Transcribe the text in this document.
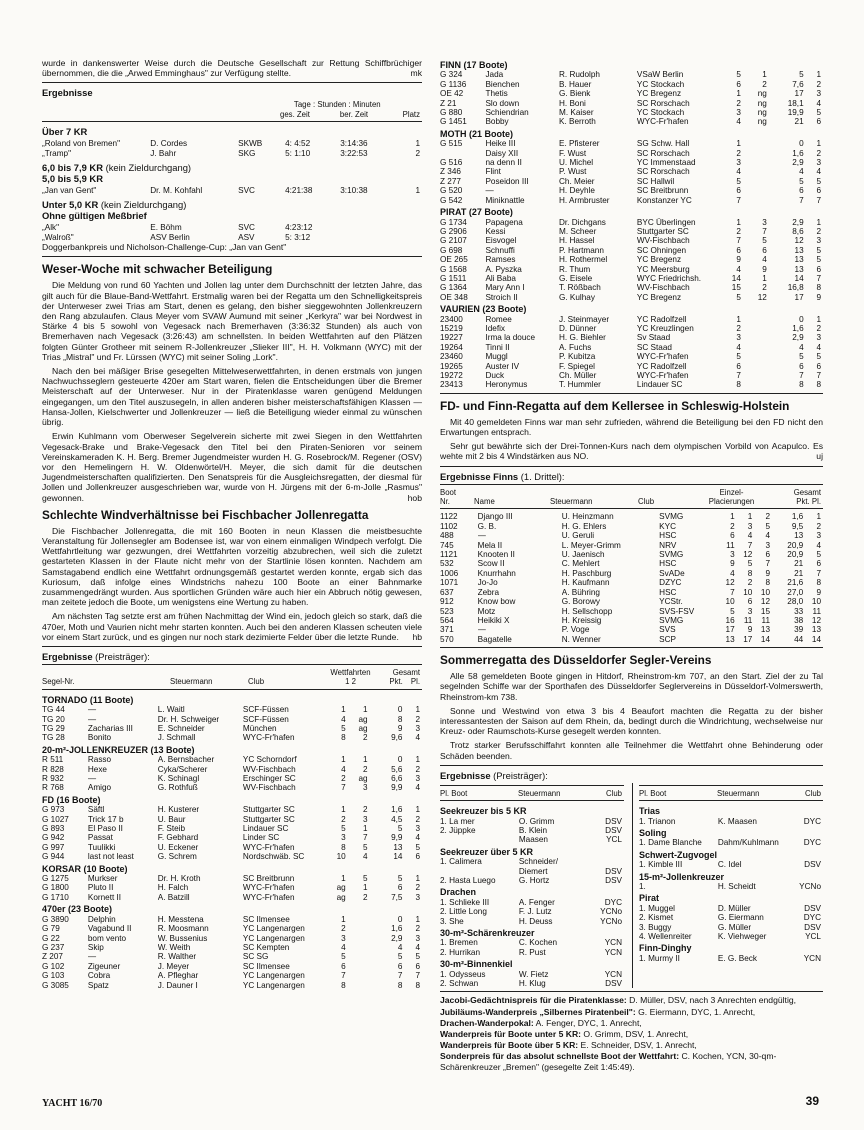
wurde in dankenswerter Weise durch die Deutsche Gesellschaft zur Rettung Schiffbrüchiger übernommen, die die „Arwed Emminghaus" zur Verfügung stellte.	mk

Ergebnisse
			Tage : Stunden : Minuten		
			ges. Zeit	ber. Zeit	Platz
Über 7 KR
„Roland von Bremen"	D. Cordes	SKWB	4: 4:52	3:14:36	1
„Tramp"	J. Bahr	SKG	5: 1:10	3:22:53	2
6,0 bis 7,9 KR (kein Zieldurchgang)
5,0 bis 5,9 KR
„Jan van Gent"	Dr. M. Kohfahl	SVC	4:21:38	3:10:38	1
Unter 5,0 KR (kein Zieldurchgang)
Ohne gültigen Meßbrief
„Alk"	E. Böhm	SVC	4:23:12		
„Walroß"	ASV Berlin	ASV	5: 3:12		

Doggerbankpreis und Nicholson-Challenge-Cup: „Jan van Gent"

Weser-Woche mit schwacher Beteiligung

Die Meldung von rund 60 Yachten und Jollen lag unter dem Durchschnitt der letzten Jahre, das gilt auch für die Blaue-Band-Wettfahrt. Erstmalig waren bei der Regatta um den Schnelligkeitspreis der Unterweser zwei Trias am Start, denen es gelang, den bisher sieggewohnten Jollenkreuzern den Rang abzulaufen. Claus Meyer vom SVAW Aumund mit seiner „Kerkyra" war bei Nordwest in Stärke 4 bis 5 sowohl von Vegesack nach Bremerhaven (3:36:32 Stunden) als auch von Bremerhaven nach Vegesack (3:26:43) am schnellsten. In beiden Wettfahrten auf den Plätzen folgten Günter Grotheer mit seinem R-Jollenkreuzer „Slieker III", H. H. Volkmann (WYC) mit der Trias „Mistral" und Fr. Lürssen (WYC) mit seiner Soling „Lork".

Nach den bei mäßiger Brise gesegelten Mittelweserwettfahrten, in denen erstmals von jungen Nachwuchsseglern gesteuerte 420er am Start waren, fielen die Entscheidungen über die Bremer Meisterschaft auf der Unterweser. Nur in der Piratenklasse waren genügend Meldungen eingegangen, um den Titel auszusegeln, in allen anderen bisher meisterschaftsfähigen Klassen — Hansa-Jollen, Kielschwerter und Jollenkreuzer — ließ die Beteiligung wieder einmal zu wünschen übrig.

Erwin Kuhlmann vom Oberweser Segelverein sicherte mit zwei Siegen in den Wettfahrten Vegesack-Brake und Brake-Vegesack den Titel bei den Piraten-Senioren vor seinem Vereinskameraden K. H. Berg. Bremer Jugendmeister wurden H. G. Rosebrock/M. Regener (OSV) vor den Hemelingern H. W. Oldenwörtel/H. Meyer, die sich damit für die deutschen Jugendmeisterschaften qualifizierten. Den Senatspreis für die Ausgleichsregatten, der diesmal für Jollen und Jollenkreuzer ausgeschrieben war, wurde von H. Jürgens mit der 6-m-Jolle „Rasmus" gewonnen.	hob

Schlechte Windverhältnisse bei Fischbacher Jollenregatta

Die Fischbacher Jollenregatta, die mit 160 Booten in neun Klassen die meistbesuchte Veranstaltung für Jollensegler am Bodensee ist, war von einem einmaligen Windpech verfolgt. Die Wettfahrtleitung war gezwungen, drei Wettfahrten vorzeitig abzubrechen, weil sich die zuletzt gestarteten Klassen in der Flaute nicht mehr von der Startlinie lösen konnten. Nachdem am Samstagabend endlich eine Wettfahrt ordnungsgemäß gestartet werden konnte, ergab sich das Kuriosum, daß infolge eines Windstrichs nahezu 100 Boote an einer Bahnmarke zusammengedrängt wurden. Aus sportlichen Gründen wäre auch hier ein Abbruch nötig gewesen, man zeitete jedoch die Boote, um wenigstens eine Wertung zu haben.

Am nächsten Tag setzte erst am frühen Nachmittag der Wind ein, jedoch gleich so stark, daß die 470er, Moth und Vaurien nicht mehr starten konnten. Auch bei den anderen Klassen scheuten viele vor einem Start zurück, und es gingen nur noch stark dezimierte Felder über die letzte Runde.	hb

Ergebnisse (Preisträger):
				Wettfahrten	Gesamt	
Segel-Nr.		Steuermann	Club	1 2	Pkt.	Pl.
TORNADO (11 Boote)							
TG 44	—	L. Waitl	SCF-Füssen	1	1	0	1
TG 20	—	Dr. H. Schweiger	SCF-Füssen	4	ag	8	2
TG 29	Zacharias III	E. Schneider	München	5	ag	9	3
TG 28	Bonito	J. Schmall	WYC-Fr'hafen	8	2	9,6	4
20-m²-JOLLENKREUZER (13 Boote)							
R 511	Rasso	A. Bernsbacher	YC Schorndorf	1	1	0	1
R 828	Hexe	Cyka/Scherer	WV-Fischbach	4	2	5,6	2
R 932	—	K. Schinagl	Erschinger SC	2	ag	6,6	3
R 768	Amigo	G. Rothfuß	WV-Fischbach	7	3	9,9	4
FD (16 Boote)							
G 973	Säftl	H. Kusterer	Stuttgarter SC	1	2	1,6	1
G 1027	Trick 17 b	U. Baur	Stuttgarter SC	2	3	4,5	2
G 893	El Paso II	F. Steib	Lindauer SC	5	1	5	3
G 942	Passat	F. Gebhard	Linder SC	3	7	9,9	4
G 997	Tuulikki	U. Eckener	WYC-Fr'hafen	8	5	13	5
G 944	last not least	G. Schrem	Nordschwäb. SC	10	4	14	6
KORSAR (10 Boote)							
G 1275	Murkser	Dr. H. Kroth	SC Breitbrunn	1	5	5	1
G 1800	Pluto II	H. Falch	WYC-Fr'hafen	ag	1	6	2
G 1710	Kornett II	A. Batzill	WYC-Fr'hafen	ag	2	7,5	3
470er (23 Boote)							
G 3890	Delphin	H. Messtena	SC Ilmensee	1		0	1
G 79	Vagabund II	R. Moosmann	YC Langenargen	2		1,6	2
G 22	bom vento	W. Bussenius	YC Langenargen	3		2,9	3
G 237	Skip	W. Weith	SC Kempten	4		4	4
Z 207	—	R. Walther	SC SG	5		5	5
G 102	Zigeuner	J. Meyer	SC Ilmensee	6		6	6
G 103	Cobra	A. Pfleghar	YC Langenargen	7		7	7
G 3085	Spatz	J. Dauner I	YC Langenargen	8		8	8
FINN (17 Boote)							
G 324	Jada	R. Rudolph	VSaW Berlin	5	1	5	1
G 1136	Bienchen	B. Hauer	YC Stockach	6	2	7,6	2
OE 42	Thetis	G. Bienk	YC Bregenz	1	ng	17	3
Z 21	Slo down	H. Boni	SC Rorschach	2	ng	18,1	4
G 880	Schiendrian	M. Kaiser	YC Stockach	3	ng	19,9	5
G 1451	Bobby	K. Berroth	WYC-Fr'hafen	4	ng	21	6
MOTH (21 Boote)							
G 515	Heike III	E. Pfisterer	SG Schw. Hall	1		0	1
	Daisy XII	F. Wust	SC Rorschach	2		1,6	2
G 516	na denn II	U. Michel	YC Immenstaad	3		2,9	3
Z 346	Flint	P. Wust	SC Rorschach	4		4	4
Z 277	Poseidon III	Ch. Meier	SC Hallwil	5		5	5
G 520	—	H. Deyhle	SC Breitbrunn	6		6	6
G 542	Miniknattle	H. Armbruster	Konstanzer YC	7		7	7
PIRAT (27 Boote)							
G 1734	Papagena	Dr. Dichgans	BYC Überlingen	1	3	2,9	1
G 2906	Kessi	M. Scheer	Stuttgarter SC	2	7	8,6	2
G 2107	Eisvogel	H. Hassel	WV-Fischbach	7	5	12	3
G 698	Schnuffi	P. Hartmann	SC Ohningen	6	6	13	5
OE 265	Ramses	H. Rothermel	YC Bregenz	9	4	13	5
G 1568	A. Pyszka	R. Thum	YC Meersburg	4	9	13	6
G 1511	Ali Baba	G. Eisele	WYC Friedrichsh.	14	1	14	7
G 1364	Mary Ann I	T. Rößbach	WV-Fischbach	15	2	16,8	8
OE 348	Stroich II	G. Kulhay	YC Bregenz	5	12	17	9
VAURIEN (23 Boote)							
23400	Romee	J. Steinmayer	YC Radolfzell	1		0	1
15219	Idefix	D. Dünner	YC Kreuzlingen	2		1,6	2
19227	Irma la douce	H. G. Biehler	Sv Staad	3		2,9	3
19264	Tinni II	A. Fuchs	SC Staad	4		4	4
23460	Muggl	P. Kubitza	WYC-Fr'hafen	5		5	5
19265	Auster IV	F. Spiegel	YC Radolfzell	6		6	6
19272	Duck	Ch. Müller	WYC-Fr'hafen	7		7	7
23413	Heronymus	T. Hummler	Lindauer SC	8		8	8
FD- und Finn-Regatta auf dem Kellersee in Schleswig-Holstein

Mit 40 gemeldeten Finns war man sehr zufrieden, während die Beteiligung bei den FD nicht den Erwartungen entsprach.

Sehr gut bewährte sich der Drei-Tonnen-Kurs nach dem olympischen Vorbild von Acapulco. Es wehte mit 2 bis 4 Windstärken aus NO.	uj

Ergebnisse Finns (1. Drittel):
Boot				Einzel-	Gesamt
Nr.	Name	Steuermann	Club	Placierungen	Pkt. Pl.
1122	Django III	U. Heinzmann	SVMG	1	1	2	1,6	1
1102	G. B.	H. G. Ehlers	KYC	2	3	5	9,5	2
488	—	U. Geruli	HSC	6	4	4	13	3
745	Mela II	L. Meyer-Grimm	NRV	11	7	3	20,9	4
1121	Knooten II	U. Jaenisch	SVMG	3	12	6	20,9	5
532	Scow II	C. Mehlert	HSC	9	5	7	21	6
1006	Knurrhahn	H. Paschburg	SvADe	4	8	9	21	7
1071	Jo-Jo	H. Kaufmann	DZYC	12	2	8	21,6	8
637	Zebra	A. Bühring	HSC	7	10	10	27,0	9
912	Know bow	G. Borowy	YCStr.	10	6	12	28,0	10
523	Motz	H. Sellschopp	SVS-FSV	5	3	15	33	11
564	Heikiki X	H. Kreissig	SVMG	16	11	11	38	12
371	—	P. Voge	SVS	17	9	13	39	13
570	Bagatelle	N. Wenner	SCP	13	17	14	44	14
Sommerregatta des Düsseldorfer Segler-Vereins

Alle 58 gemeldeten Boote gingen in Hitdorf, Rheinstrom-km 707, an den Start. Ziel der zu Tal segelnden Schiffe war der Sporthafen des Düsseldorfer Seglervereins in Düsseldorf-Volmerswerth, Rheinstrom-km 738.

Sonne und Westwind von etwa 3 bis 4 Beaufort machten die Regatta zu der bisher interessantesten der Saison auf dem Rhein, da, bedingt durch die Windrichtung, wechselweise nur Kreuz- oder Raumschots-Kurse gesegelt werden konnten.

Trotz starker Berufsschiffahrt konnten alle Teilnehmer die Wettfahrt ohne Behinderung oder Schäden beenden.

Ergebnisse (Preisträger):
Pl. Boot	Steuermann	Club
Seekreuzer bis 5 KR		
1. La mer	O. Grimm	DSV
2. Jüppke	B. Klein	DSV
	Maasen	YCL
Seekreuzer über 5 KR		
1. Calimera	Schneider/	
	Diemert	DSV
2. Hasta Luego	G. Hortz	DSV
Drachen		
1. Schlieke III	A. Fenger	DYC
2. Little Long	F. J. Lutz	YCNo
3. She	H. Deuss	YCNo
30-m²-Schärenkreuzer		
1. Bremen	C. Kochen	YCN
2. Hurrikan	R. Pust	YCN
30-m²-Binnenkiel		
1. Odysseus	W. Fietz	YCN
2. Schwan	H. Klug	DSV
Pl. Boot	Steuermann	Club
Trias		
1. Trianon	K. Maasen	DYC
Soling		
1. Dame Blanche	Dahm/Kuhlmann	DYC
Schwert-Zugvogel		
1. Kimble III	C. Idel	DSV
15-m²-Jollenkreuzer		
1.	H. Scheidt	YCNo
Pirat		
1. Muggel	D. Müller	DSV
2. Kismet	G. Eiermann	DYC
3. Buggy	G. Müller	DSV
4. Wellenreiter	K. Viehweger	YCL
Finn-Dinghy		
1. Murmy II	E. G. Beck	YCN

Jacobi-Gedächtnispreis für die Piratenklasse: D. Müller, DSV, nach 3 Anrechten endgültig,

Jubiläums-Wanderpreis „Silbernes Piratenbeil": G. Eiermann, DYC, 1. Anrecht,

Drachen-Wanderpokal: A. Fenger, DYC, 1. Anrecht,

Wanderpreis für Boote unter 5 KR: O. Grimm, DSV, 1. Anrecht,

Wanderpreis für Boote über 5 KR: E. Schneider, DSV, 1. Anrecht,

Sonderpreis für das absolut schnellste Boot der Wettfahrt: C. Kochen, YCN, 30-qm-Schärenkreuzer „Bremen" (gesegelte Zeit 1:45:49).

YACHT 16/70	39
